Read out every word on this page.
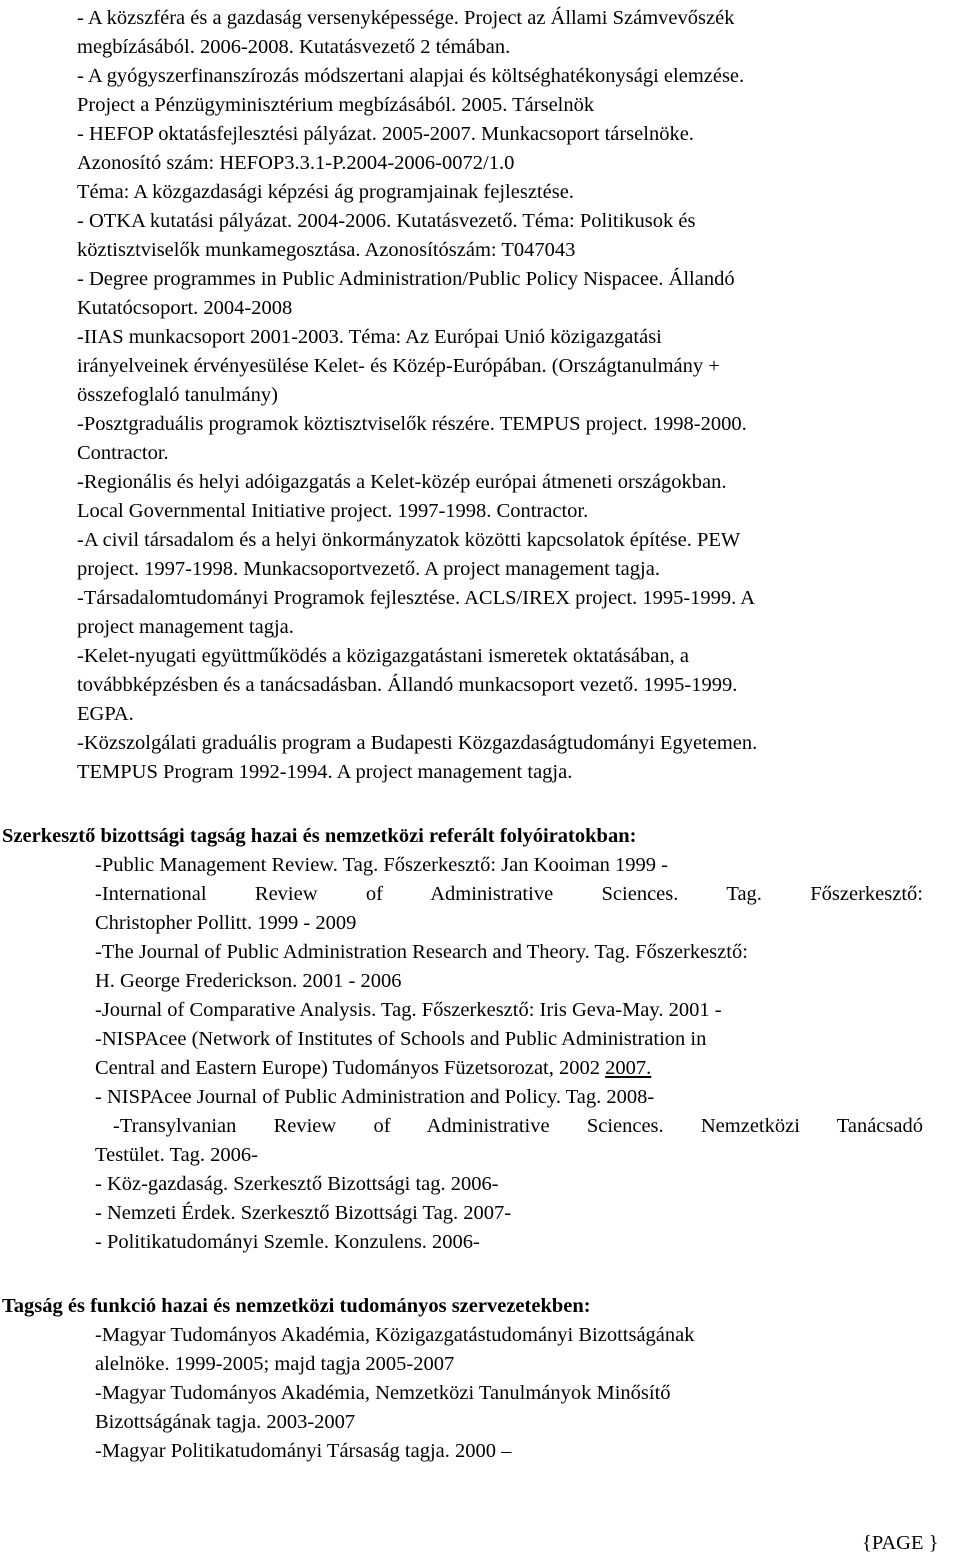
- A közszféra és a gazdaság versenyképessége. Project az Állami Számvevőszék
megbízásából. 2006-2008. Kutatásvezető 2 témában.
- A gyógyszerfinanszírozás módszertani alapjai és költséghatékonysági elemzése.
Project a Pénzügyminisztérium megbízásából. 2005. Társelnök
- HEFOP oktatásfejlesztési pályázat. 2005-2007. Munkacsoport társelnöke.
Azonosító szám: HEFOP3.3.1-P.2004-2006-0072/1.0
Téma: A közgazdasági képzési ág programjainak fejlesztése.
- OTKA kutatási pályázat. 2004-2006. Kutatásvezető. Téma: Politikusok és
köztisztviselők munkamegosztása. Azonosítószám: T047043
- Degree programmes in Public Administration/Public Policy Nispacee. Állandó
Kutatócsoport. 2004-2008
-IIAS munkacsoport 2001-2003. Téma: Az Európai Unió közigazgatási
irányelveinek érvényesülése Kelet- és Közép-Európában. (Országtanulmány +
összefoglaló tanulmány)
-Posztgraduális programok köztisztviselők részére. TEMPUS project. 1998-2000.
Contractor.
-Regionális és helyi adóigazgatás a Kelet-közép európai átmeneti országokban.
Local Governmental Initiative project. 1997-1998. Contractor.
-A civil társadalom és a helyi önkormányzatok közötti kapcsolatok építése. PEW
project. 1997-1998. Munkacsoportvezető. A project management tagja.
-Társadalomtudományi Programok fejlesztése. ACLS/IREX project. 1995-1999. A
project management tagja.
-Kelet-nyugati együttműködés a közigazgatástani ismeretek oktatásában, a
továbbképzésben és a tanácsadásban. Állandó munkacsoport vezető. 1995-1999.
EGPA.
-Közszolgálati graduális program a Budapesti Közgazdaságtudományi Egyetemen.
TEMPUS Program 1992-1994. A project management tagja.
Szerkesztő bizottsági tagság hazai és nemzetközi referált folyóiratokban:
-Public Management Review. Tag. Főszerkesztő: Jan Kooiman 1999 -
-International Review of Administrative Sciences. Tag. Főszerkesztő:
Christopher Pollitt. 1999 - 2009
-The Journal of Public Administration Research and Theory. Tag. Főszerkesztő:
H. George Frederickson. 2001 - 2006
-Journal of Comparative Analysis. Tag. Főszerkesztő: Iris Geva-May. 2001 -
-NISPAcee (Network of Institutes of Schools and Public Administration in
Central and Eastern Europe) Tudományos Füzetsorozat, 2002 2007.
- NISPAcee Journal of Public Administration and Policy. Tag. 2008-
-Transylvanian Review of Administrative Sciences. Nemzetközi Tanácsadó
Testület. Tag. 2006-
- Köz-gazdaság. Szerkesztő Bizottsági tag. 2006-
- Nemzeti Érdek. Szerkesztő Bizottsági Tag. 2007-
- Politikatudományi Szemle. Konzulens. 2006-
Tagság és funkció hazai és nemzetközi tudományos szervezetekben:
-Magyar Tudományos Akadémia, Közigazgatástudományi Bizottságának
alelnöke. 1999-2005; majd tagja 2005-2007
-Magyar Tudományos Akadémia, Nemzetközi Tanulmányok Minősítő
Bizottságának tagja. 2003-2007
-Magyar Politikatudományi Társaság tagja. 2000 –
{PAGE }
